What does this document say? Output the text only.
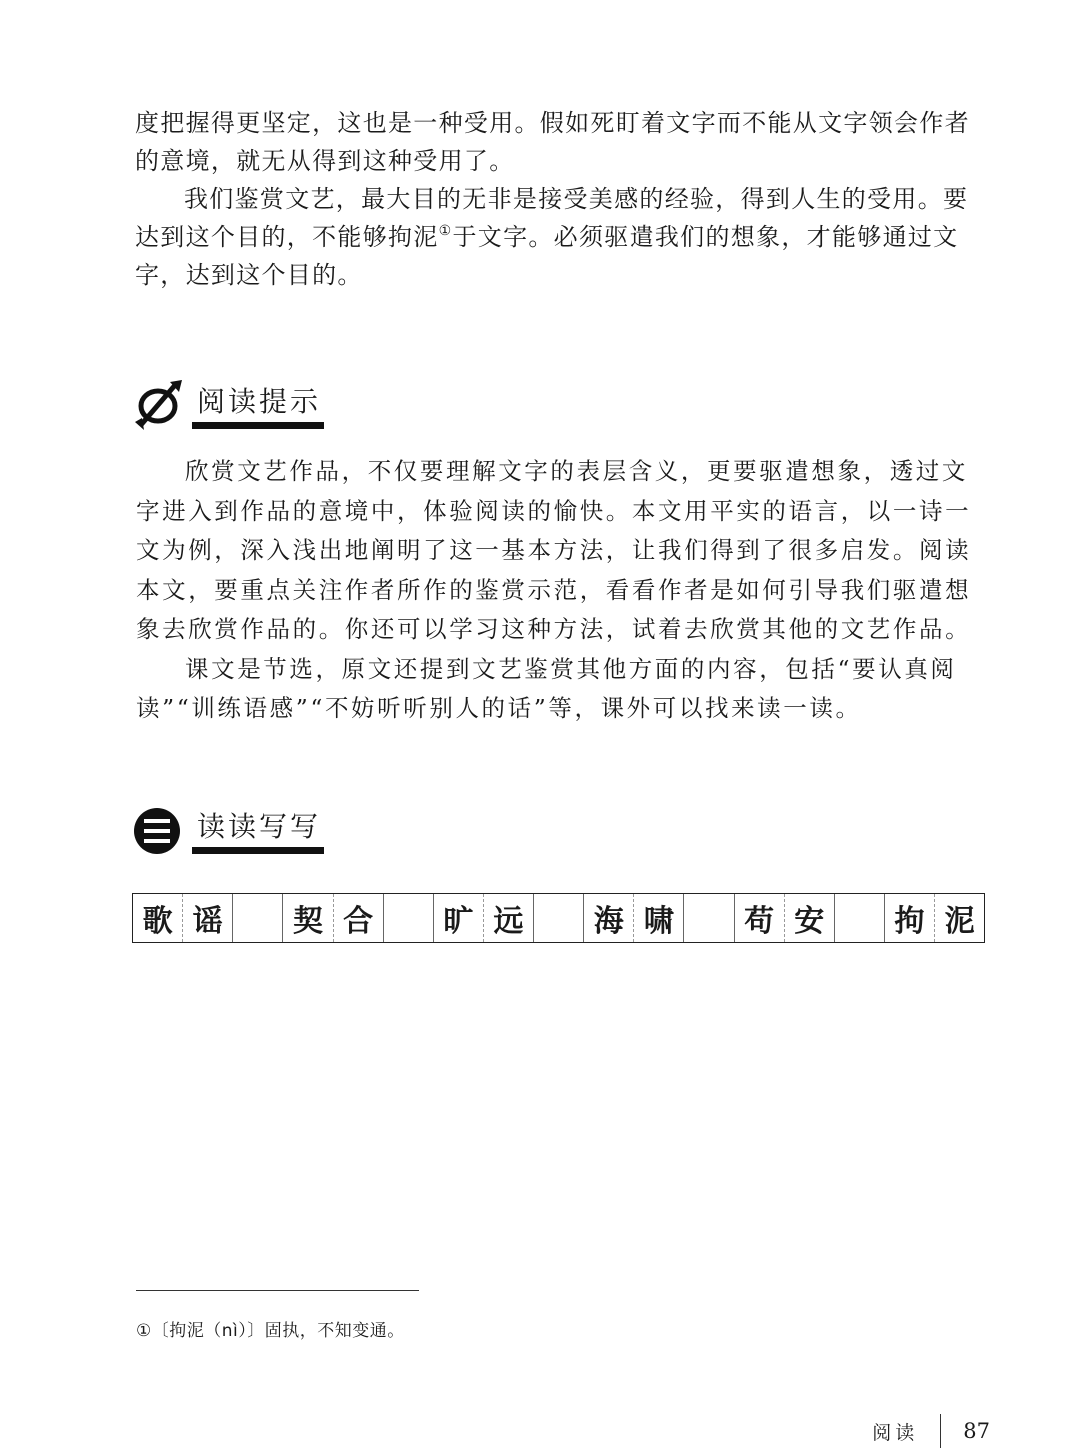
度把握得更坚定，这也是一种受用。假如死盯着文字而不能从文字领会作者的意境，就无从得到这种受用了。

我们鉴赏文艺，最大目的无非是接受美感的经验，得到人生的受用。要达到这个目的，不能够拘泥①于文字。必须驱遣我们的想象，才能够通过文字，达到这个目的。

阅读提示

欣赏文艺作品，不仅要理解文字的表层含义，更要驱遣想象，透过文字进入到作品的意境中，体验阅读的愉快。本文用平实的语言，以一诗一文为例，深入浅出地阐明了这一基本方法，让我们得到了很多启发。阅读本文，要重点关注作者所作的鉴赏示范，看看作者是如何引导我们驱遣想象去欣赏作品的。你还可以学习这种方法，试着去欣赏其他的文艺作品。

课文是节选，原文还提到文艺鉴赏其他方面的内容，包括“要认真阅读”“训练语感”“不妨听听别人的话”等，课外可以找来读一读。

读读写写
歌 谣	契 合	旷 远	海 啸	苟 安	拘 泥
①〔拘泥（nì）〕固执，不知变通。
阅读 87
